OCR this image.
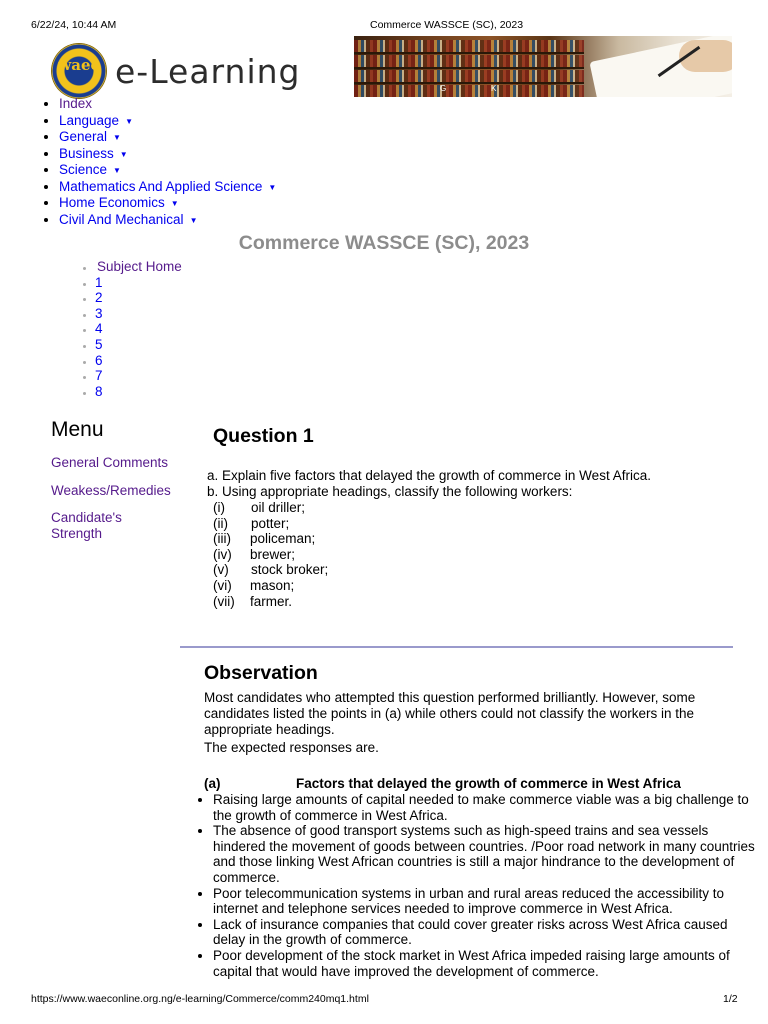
6/22/24, 10:44 AM	Commerce WASSCE (SC), 2023
waec e-Learning	G	K
• Index
• Language ▼
• General ▼
• Business ▼
• Science ▼
• Mathematics And Applied Science ▼
• Home Economics ▼
• Civil And Mechanical ▼
Commerce WASSCE (SC), 2023
• Subject Home
• 1
• 2
• 3
• 4
• 5
• 6
• 7
• 8
Menu
General Comments
Weakess/Remedies
Candidate's Strength
Question 1
a. Explain five factors that delayed the growth of commerce in West Africa.
b. Using appropriate headings, classify the following workers:
(i) oil driller;
(ii) potter;
(iii) policeman;
(iv) brewer;
(v) stock broker;
(vi) mason;
(vii) farmer.
Observation
Most candidates who attempted this question performed brilliantly. However, some candidates listed the points in (a) while others could not classify the workers in the appropriate headings.
The expected responses are.
(a)	Factors that delayed the growth of commerce in West Africa
• Raising large amounts of capital needed to make commerce viable was a big challenge to the growth of commerce in West Africa.
• The absence of good transport systems such as high-speed trains and sea vessels hindered the movement of goods between countries. /Poor road network in many countries and those linking West African countries is still a major hindrance to the development of commerce.
• Poor telecommunication systems in urban and rural areas reduced the accessibility to internet and telephone services needed to improve commerce in West Africa.
• Lack of insurance companies that could cover greater risks across West Africa caused delay in the growth of commerce.
• Poor development of the stock market in West Africa impeded raising large amounts of capital that would have improved the development of commerce.
https://www.waeconline.org.ng/e-learning/Commerce/comm240mq1.html	1/2
